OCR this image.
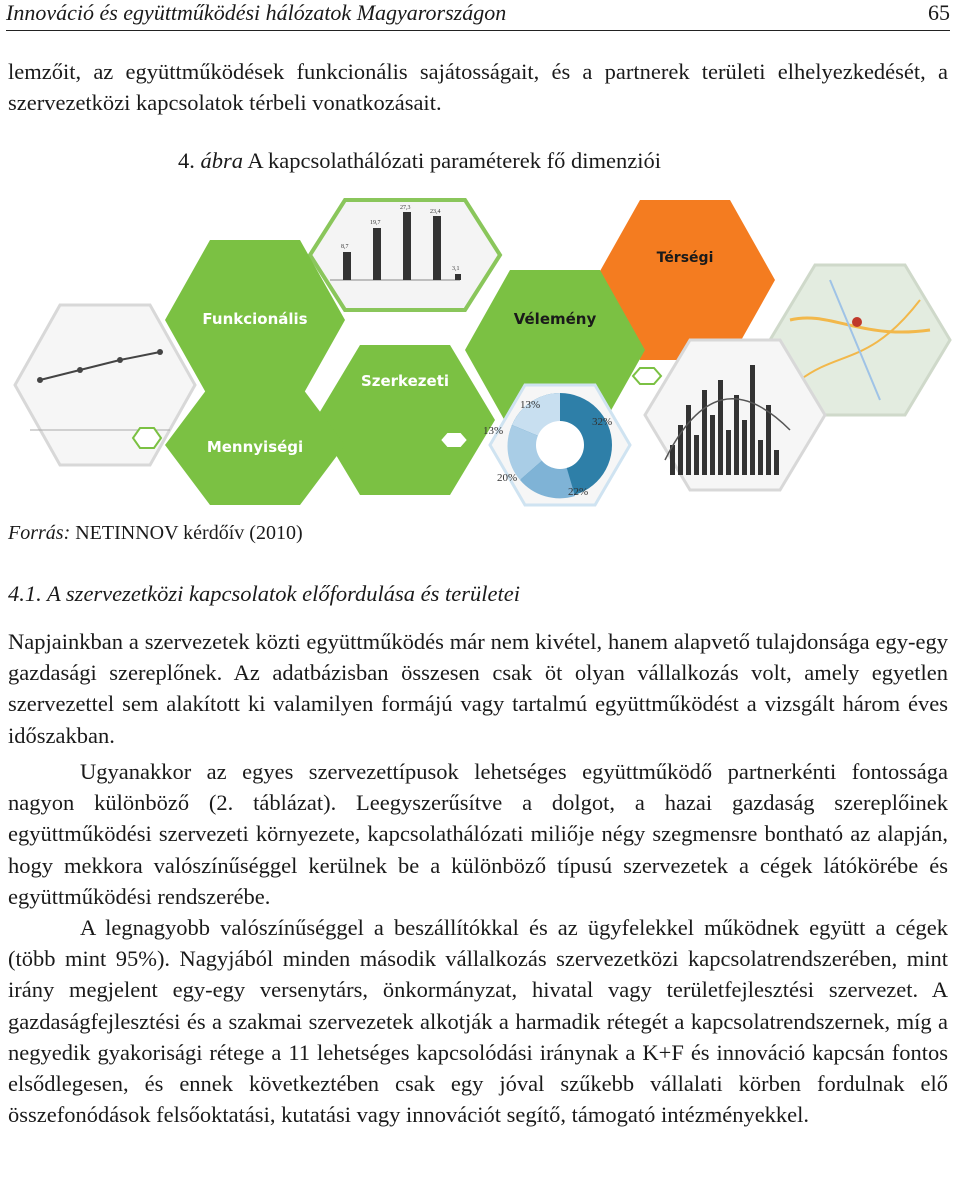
Innováció és együttműködési hálózatok Magyarországon	65

lemzőit, az együttműködések funkcionális sajátosságait, és a partnerek területi elhelyezkedését, a szervezetközi kapcsolatok térbeli vonatkozásait.

4. ábra A kapcsolathálózati paraméterek fő dimenziói
8,7
19,7
27,3
23,4
3,1
Térségi
Funkcionális	Vélemény
Szerkezeti
13%
32%
13%
20%
22%
Mennyiségi
Forrás: NETINNOV kérdőív (2010)
4.1. A szervezetközi kapcsolatok előfordulása és területei

Napjainkban a szervezetek közti együttműködés már nem kivétel, hanem alapvető tulajdonsága egy-egy gazdasági szereplőnek. Az adatbázisban összesen csak öt olyan vállalkozás volt, amely egyetlen szervezettel sem alakított ki valamilyen formájú vagy tartalmú együttműködést a vizsgált három éves időszakban.

Ugyanakkor az egyes szervezettípusok lehetséges együttműködő partnerkénti fontossága nagyon különböző (2. táblázat). Leegyszerűsítve a dolgot, a hazai gazdaság szereplőinek együttműködési szervezeti környezete, kapcsolathálózati miliője négy szegmensre bontható az alapján, hogy mekkora valószínűséggel kerülnek be a különböző típusú szervezetek a cégek látókörébe és együttműködési rendszerébe.

A legnagyobb valószínűséggel a beszállítókkal és az ügyfelekkel működnek együtt a cégek (több mint 95%). Nagyjából minden második vállalkozás szervezetközi kapcsolatrendszerében, mint irány megjelent egy-egy versenytárs, önkormányzat, hivatal vagy területfejlesztési szervezet. A gazdaságfejlesztési és a szakmai szervezetek alkotják a harmadik rétegét a kapcsolatrendszernek, míg a negyedik gyakorisági rétege a 11 lehetséges kapcsolódási iránynak a K+F és innováció kapcsán fontos elsődlegesen, és ennek következtében csak egy jóval szűkebb vállalati körben fordulnak elő összefonódások felsőoktatási, kutatási vagy innovációt segítő, támogató intézményekkel.
